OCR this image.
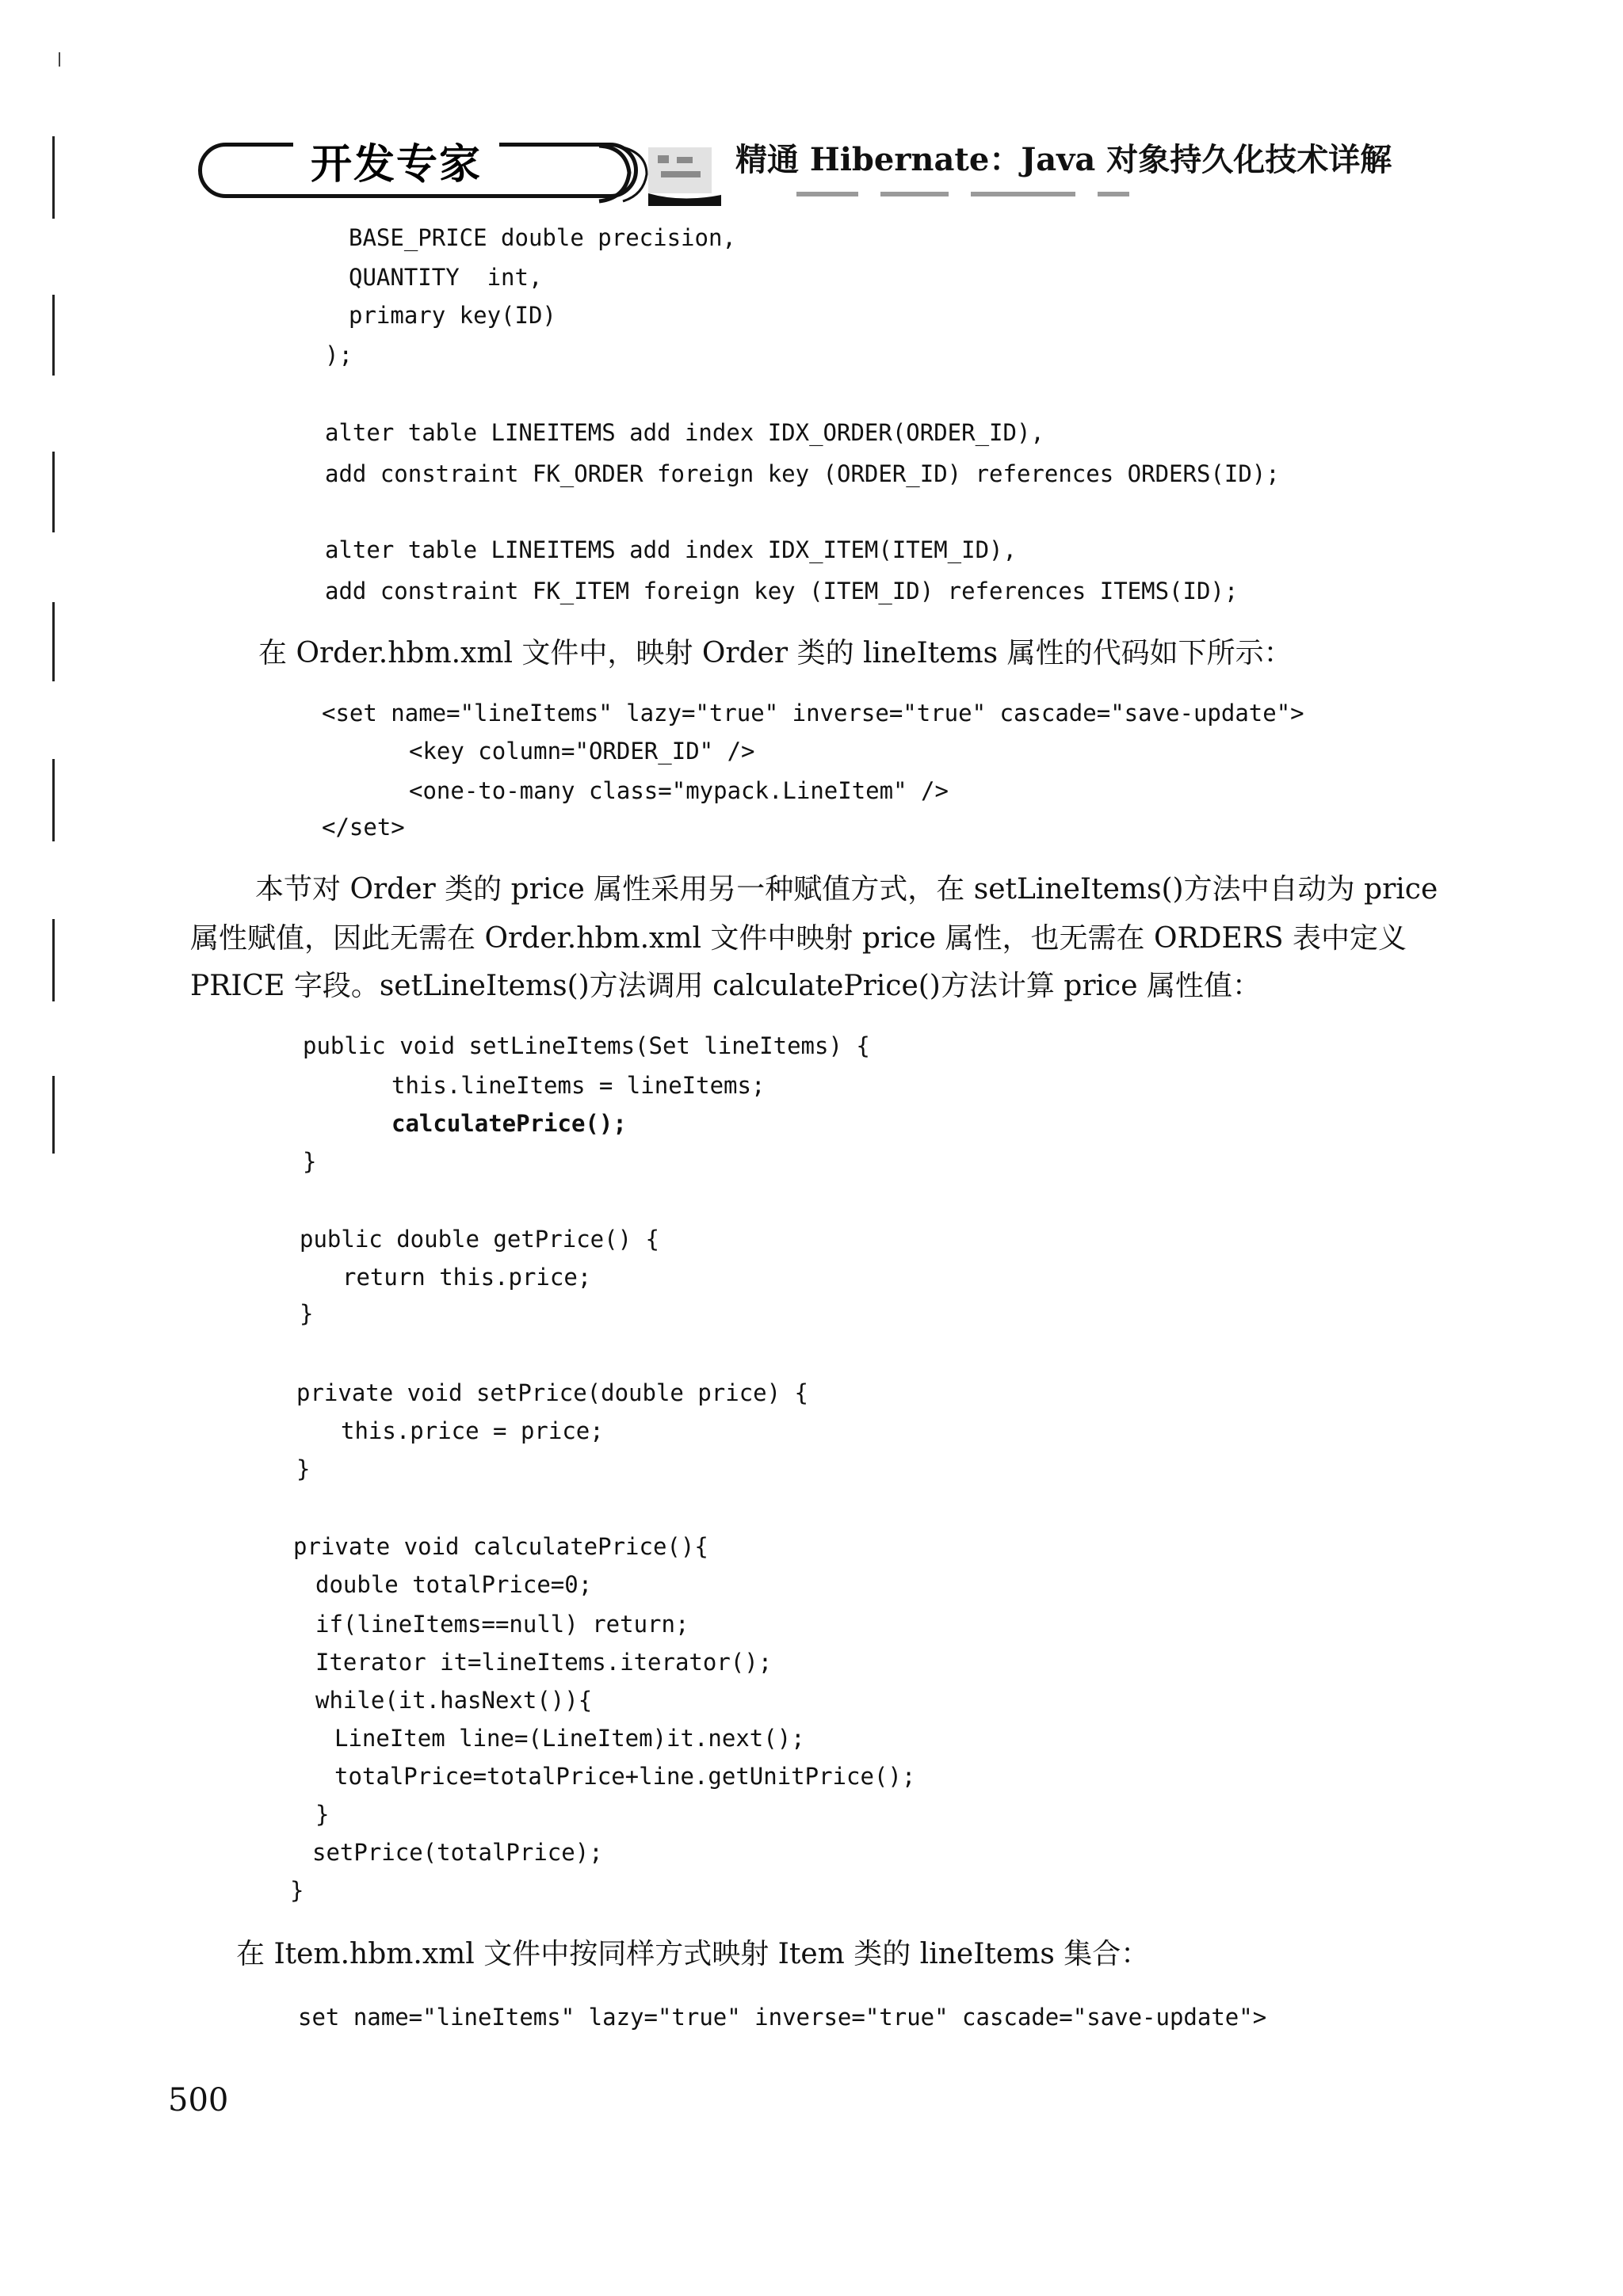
开发专家	精通 Hibernate：Java 对象持久化技术详解
BASE_PRICE double precision,
QUANTITY  int,
primary key(ID)
);
alter table LINEITEMS add index IDX_ORDER(ORDER_ID),
add constraint FK_ORDER foreign key (ORDER_ID) references ORDERS(ID);
alter table LINEITEMS add index IDX_ITEM(ITEM_ID),
add constraint FK_ITEM foreign key (ITEM_ID) references ITEMS(ID);
在 Order.hbm.xml 文件中，映射 Order 类的 lineItems 属性的代码如下所示：
<set name="lineItems" lazy="true" inverse="true" cascade="save-update">
<key column="ORDER_ID" />
<one-to-many class="mypack.LineItem" />
</set>
本节对 Order 类的 price 属性采用另一种赋值方式，在 setLineItems()方法中自动为 price
属性赋值，因此无需在 Order.hbm.xml 文件中映射 price 属性，也无需在 ORDERS 表中定义
PRICE 字段。setLineItems()方法调用 calculatePrice()方法计算 price 属性值：
public void setLineItems(Set lineItems) {
this.lineItems = lineItems;
calculatePrice();
}
public double getPrice() {
return this.price;
}
private void setPrice(double price) {
this.price = price;
}
private void calculatePrice(){
double totalPrice=0;
if(lineItems==null) return;
Iterator it=lineItems.iterator();
while(it.hasNext()){
LineItem line=(LineItem)it.next();
totalPrice=totalPrice+line.getUnitPrice();
}
setPrice(totalPrice);
}
在 Item.hbm.xml 文件中按同样方式映射 Item 类的 lineItems 集合：
set name="lineItems" lazy="true" inverse="true" cascade="save-update">
500
